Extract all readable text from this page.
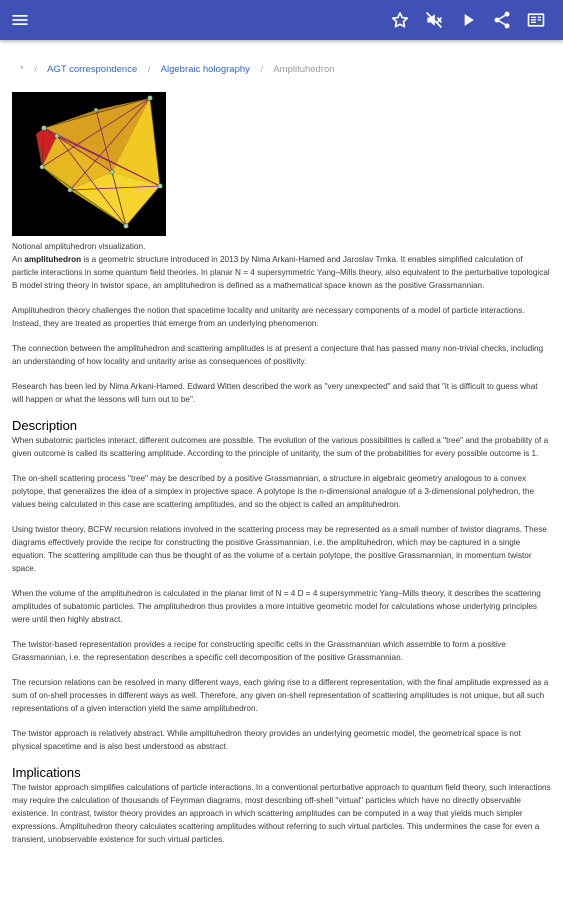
* / AGT correspondence / Algebraic holography / Amplituhedron

Notional amplituhedron visualization.

An amplituhedron is a geometric structure introduced in 2013 by Nima Arkani-Hamed and Jaroslav Trnka. It enables simplified calculation of particle interactions in some quantum field theories. In planar N = 4 supersymmetric Yang–Mills theory, also equivalent to the perturbative topological B model string theory in twistor space, an amplituhedron is defined as a mathematical space known as the positive Grassmannian.

Amplituhedron theory challenges the notion that spacetime locality and unitarity are necessary components of a model of particle interactions. Instead, they are treated as properties that emerge from an underlying phenomenon.

The connection between the amplituhedron and scattering amplitudes is at present a conjecture that has passed many non-trivial checks, including an understanding of how locality and unitarity arise as consequences of positivity.

Research has been led by Nima Arkani-Hamed. Edward Witten described the work as "very unexpected" and said that "it is difficult to guess what will happen or what the lessons will turn out to be".

Description

When subatomic particles interact, different outcomes are possible. The evolution of the various possibilities is called a "tree" and the probability of a given outcome is called its scattering amplitude. According to the principle of unitarity, the sum of the probabilities for every possible outcome is 1.

The on-shell scattering process "tree" may be described by a positive Grassmannian, a structure in algebraic geometry analogous to a convex polytope, that generalizes the idea of a simplex in projective space. A polytope is the n-dimensional analogue of a 3-dimensional polyhedron, the values being calculated in this case are scattering amplitudes, and so the object is called an amplituhedron.

Using twistor theory, BCFW recursion relations involved in the scattering process may be represented as a small number of twistor diagrams. These diagrams effectively provide the recipe for constructing the positive Grassmannian, i.e. the amplituhedron, which may be captured in a single equation. The scattering amplitude can thus be thought of as the volume of a certain polytope, the positive Grassmannian, in momentum twistor space.

When the volume of the amplituhedron is calculated in the planar limit of N = 4 D = 4 supersymmetric Yang–Mills theory, it describes the scattering amplitudes of subatomic particles. The amplituhedron thus provides a more intuitive geometric model for calculations whose underlying principles were until then highly abstract.

The twistor-based representation provides a recipe for constructing specific cells in the Grassmannian which assemble to form a positive Grassmannian, i.e. the representation describes a specific cell decomposition of the positive Grassmannian.

The recursion relations can be resolved in many different ways, each giving rise to a different representation, with the final amplitude expressed as a sum of on-shell processes in different ways as well. Therefore, any given on-shell representation of scattering amplitudes is not unique, but all such representations of a given interaction yield the same amplituhedron.

The twistor approach is relatively abstract. While amplituhedron theory provides an underlying geometric model, the geometrical space is not physical spacetime and is also best understood as abstract.

Implications

The twistor approach simplifies calculations of particle interactions. In a conventional perturbative approach to quantum field theory, such interactions may require the calculation of thousands of Feynman diagrams, most describing off-shell "virtual" particles which have no directly observable existence. In contrast, twistor theory provides an approach in which scattering amplitudes can be computed in a way that yields much simpler expressions. Amplituhedron theory calculates scattering amplitudes without referring to such virtual particles. This undermines the case for even a transient, unobservable existence for such virtual particles.
